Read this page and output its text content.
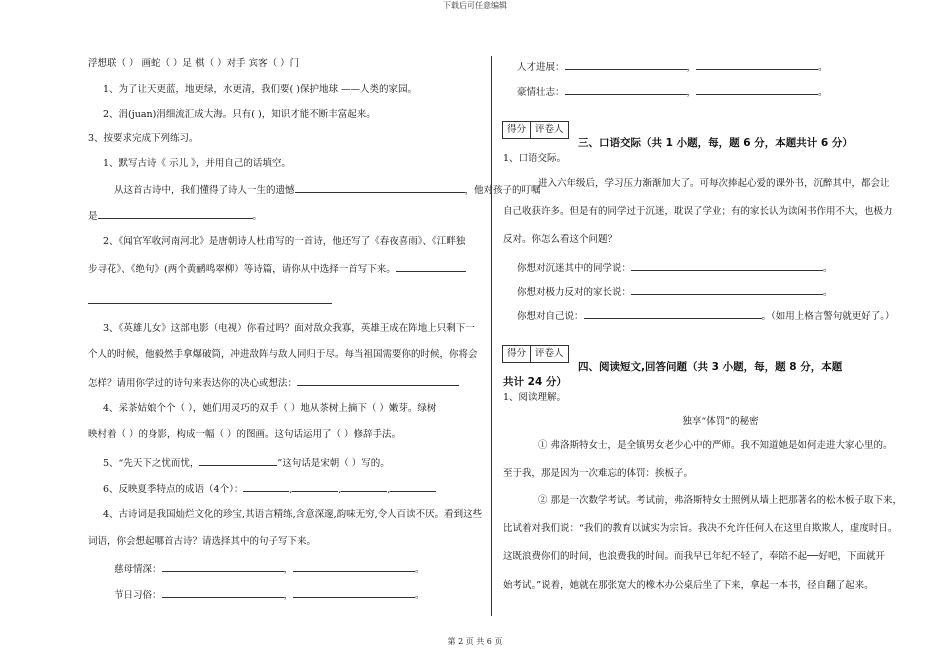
下载后可任意编辑
浮想联（ ） 画蛇（ ）足 棋（ ）对手 宾客（ ）门
1、为了让天更蓝，地更绿，水更清，我们要( )保护地球 ——人类的家园。
2、涓(juan)涓细流汇成大海。只有( )，知识才能不断丰富起来。
3、按要求完成下列练习。
1、默写古诗《 示儿 》，并用自己的话填空。
从这首古诗中，我们懂得了诗人一生的遗憾	，他对孩子的叮嘱
是	。
2、《闻官军收河南河北》是唐朝诗人杜甫写的一首诗，他还写了《春夜喜雨》、《江畔独
步寻花》、《绝句》(两个黄鹂鸣翠柳）等诗篇，请你从中选择一首写下来。
3、《英雄儿女》这部电影（电视）你看过吗？面对敌众我寡，英雄王成在阵地上只剩下一
个人的时候，他毅然手拿爆破筒，冲进敌阵与敌人同归于尽。每当祖国需要你的时候，你将会
怎样？请用你学过的诗句来表达你的决心或想法：
4、采茶姑娘个个（ ），她们用灵巧的双手（ ）地从茶树上摘下（ ）嫩芽。绿树
映村着（ ）的身影，构成一幅（ ）的图画。这句话运用了（ ）修辞手法。
5、“先天下之忧而忧，	”这句话是宋朝（ ）写的。
6、反映夏季特点的成语（4个）：	,	,	,
4、古诗词是我国灿烂文化的珍宝,其语言精练,含意深邃,韵味无穷,令人百读不厌。看到这些
词语，你会想起哪首古诗？请选择其中的句子写下来。
慈母情深：	，	。
节日习俗：	，	。
人才进展：	，	。
豪情壮志：	，	。
得分 评卷人
三、口语交际（共 1 小题，每，题 6 分，本题共计 6 分）
1、口语交际。
进入六年级后，学习压力渐渐加大了。可每次捧起心爱的课外书，沉醉其中，都会让
自己收获许多。但是有的同学过于沉迷，耽误了学业；有的家长认为读闲书作用不大，也极力
反对。你怎么看这个问题？
你想对沉迷其中的同学说：	。
你想对极力反对的家长说：	。
你想对自己说：	。（如用上格言警句就更好了。）
得分 评卷人
四、阅读短文,回答问题（共 3 小题，每，题 8 分，本题
共计 24 分）
1、阅读理解。
独享“体罚”的秘密
① 弗洛斯特女士，是全镇男女老少心中的严师。我不知道她是如何走进大家心里的。
至于我，那是因为一次难忘的体罚：挨板子。
② 那是一次数学考试。考试前，弗洛斯特女士照例从墙上把那著名的松木板子取下来，
比试着对我们说：“我们的教育以诚实为宗旨。我决不允许任何人在这里自欺欺人，虚度时日。
这既浪费你们的时间，也浪费我的时间。而我早已年纪不轻了，奉陪不起──好吧，下面就开
始考试。”说着，她就在那张宽大的橡木办公桌后坐了下来，拿起一本书，径自翻了起来。
第 2 页 共 6 页
